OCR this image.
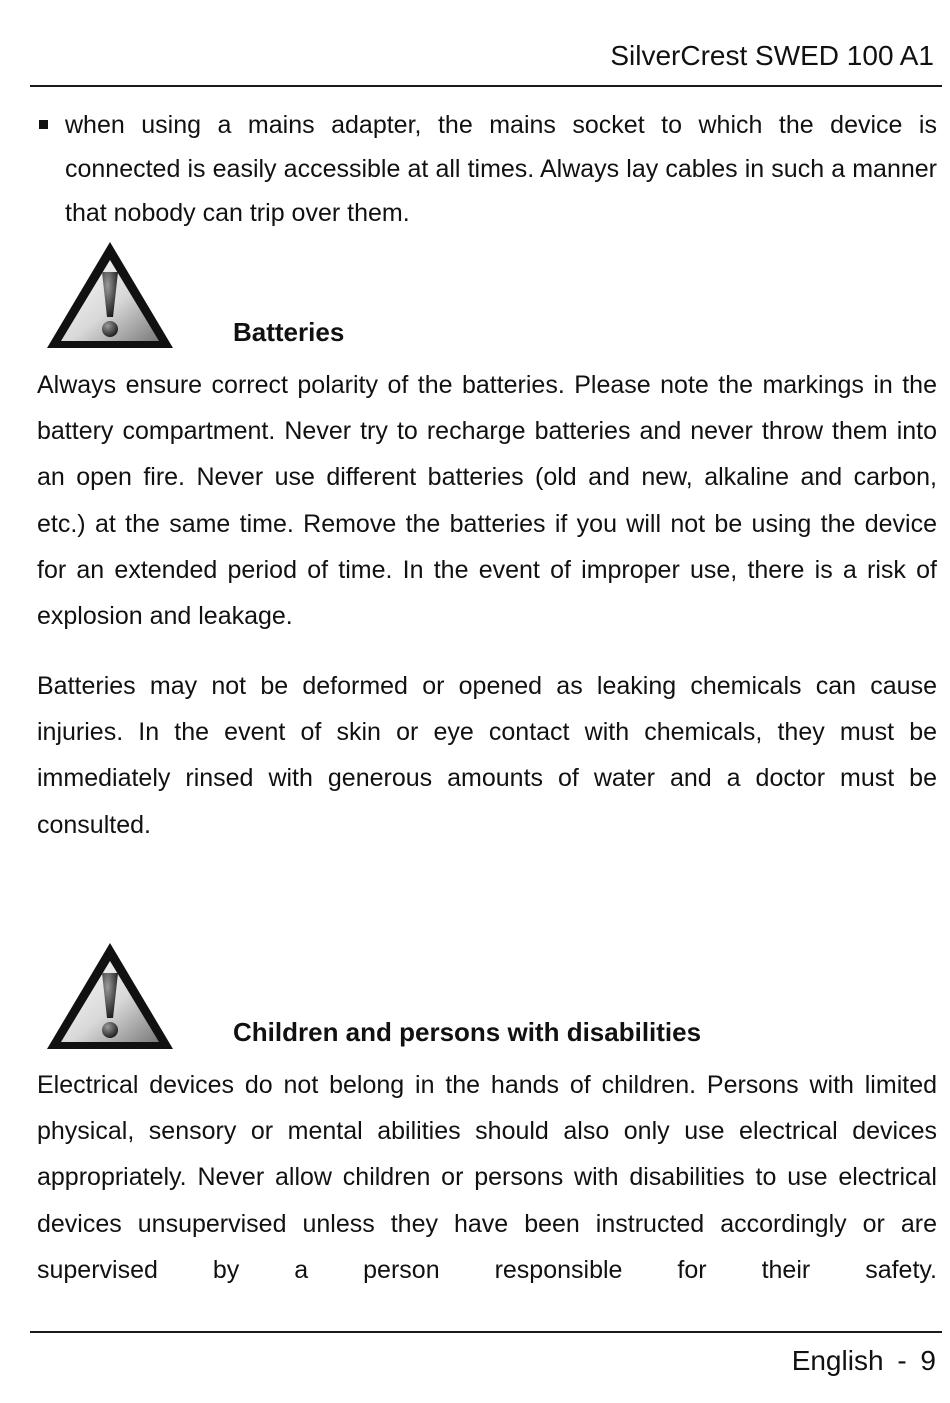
SilverCrest SWED 100 A1
when using a mains adapter, the mains socket to which the device is connected is easily accessible at all times. Always lay cables in such a manner that nobody can trip over them.
Batteries
Always ensure correct polarity of the batteries. Please note the markings in the battery compartment. Never try to recharge batteries and never throw them into an open fire. Never use different batteries (old and new, alkaline and carbon, etc.) at the same time. Remove the batteries if you will not be using the device for an extended period of time. In the event of improper use, there is a risk of explosion and leakage.
Batteries may not be deformed or opened as leaking chemicals can cause injuries. In the event of skin or eye contact with chemicals, they must be immediately rinsed with generous amounts of water and a doctor must be consulted.
Children and persons with disabilities
Electrical devices do not belong in the hands of children. Persons with limited physical, sensory or mental abilities should also only use electrical devices appropriately. Never allow children or persons with disabilities to use electrical devices unsupervised unless they have been instructed accordingly or are supervised by a person responsible for their safety.
English - 9
